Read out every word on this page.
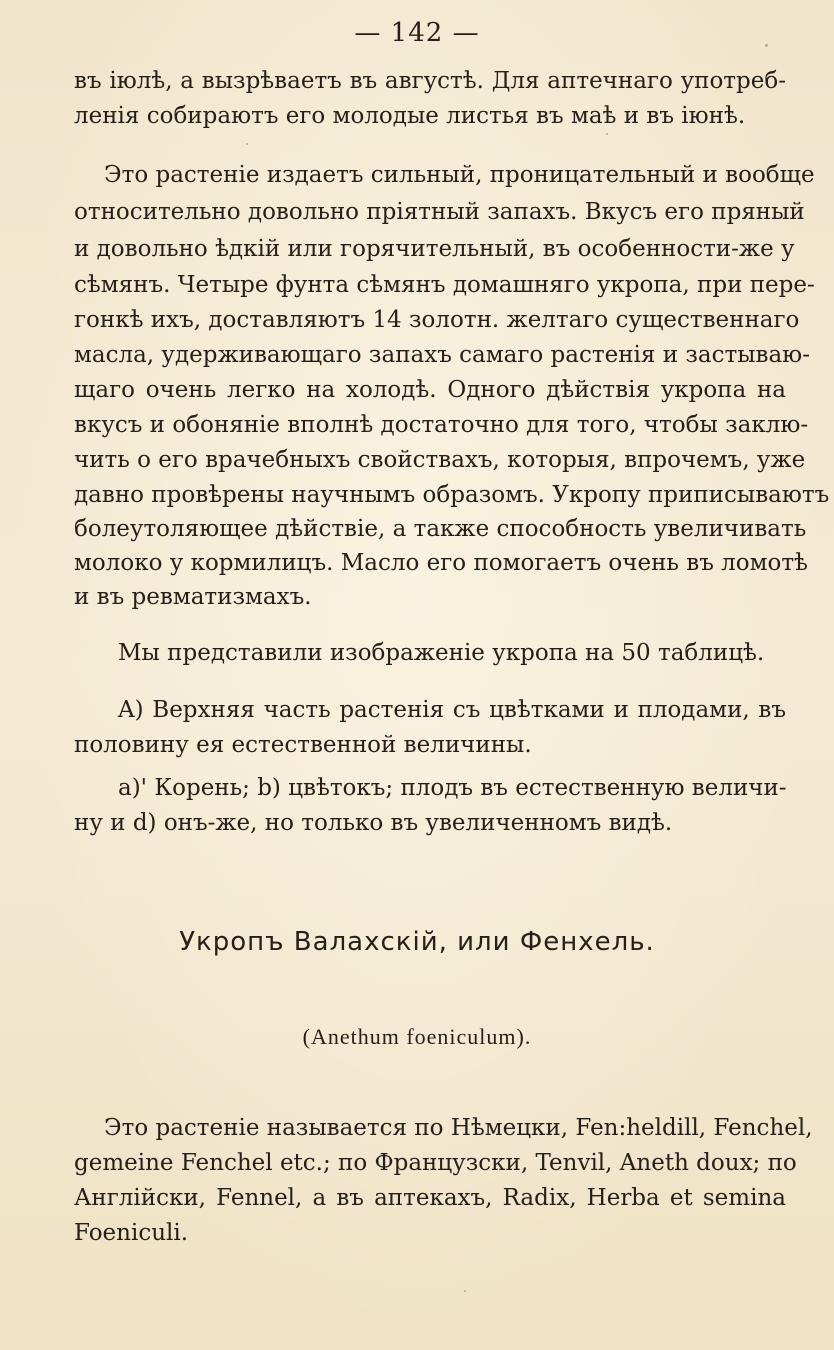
— 142 —
въ іюлѣ, а вызрѣваетъ въ августѣ. Для аптечнаго употреб-
ленія собираютъ его молодые листья въ маѣ и въ іюнѣ.
Это растеніе издаетъ сильный, проницательный и вообще
относительно довольно пріятный запахъ. Вкусъ его пряный
и довольно ѣдкій или горячительный, въ особенности-же у
сѣмянъ. Четыре фунта сѣмянъ домашняго укропа, при пере-
гонкѣ ихъ, доставляютъ 14 золотн. желтаго существеннаго
масла, удерживающаго запахъ самаго растенія и застываю-
щаго очень легко на холодѣ. Одного дѣйствія укропа на
вкусъ и обоняніе вполнѣ достаточно для того, чтобы заклю-
чить о его врачебныхъ свойствахъ, которыя, впрочемъ, уже
давно провѣрены научнымъ образомъ. Укропу приписываютъ
болеутоляющее дѣйствіе, а также способность увеличивать
молоко у кормилицъ. Масло его помогаетъ очень въ ломотѣ
и въ ревматизмахъ.
Мы представили изображеніе укропа на 50 таблицѣ.
A) Верхняя часть растенія съ цвѣтками и плодами, въ
половину ея естественной величины.
a)' Корень; b) цвѣтокъ; плодъ въ естественную величи-
ну и d) онъ-же, но только въ увеличенномъ видѣ.
Укропъ Валахскій, или Фенхель.
(Anethum foeniculum).
Это растеніе называется по Нѣмецки, Fen:heldill, Fenchel,
gemeine Fenchel etc.; по Французски, Tenvil, Aneth doux; по
Англійски, Fennel, а въ аптекахъ, Radix, Herba et semina
Foeniculi.
